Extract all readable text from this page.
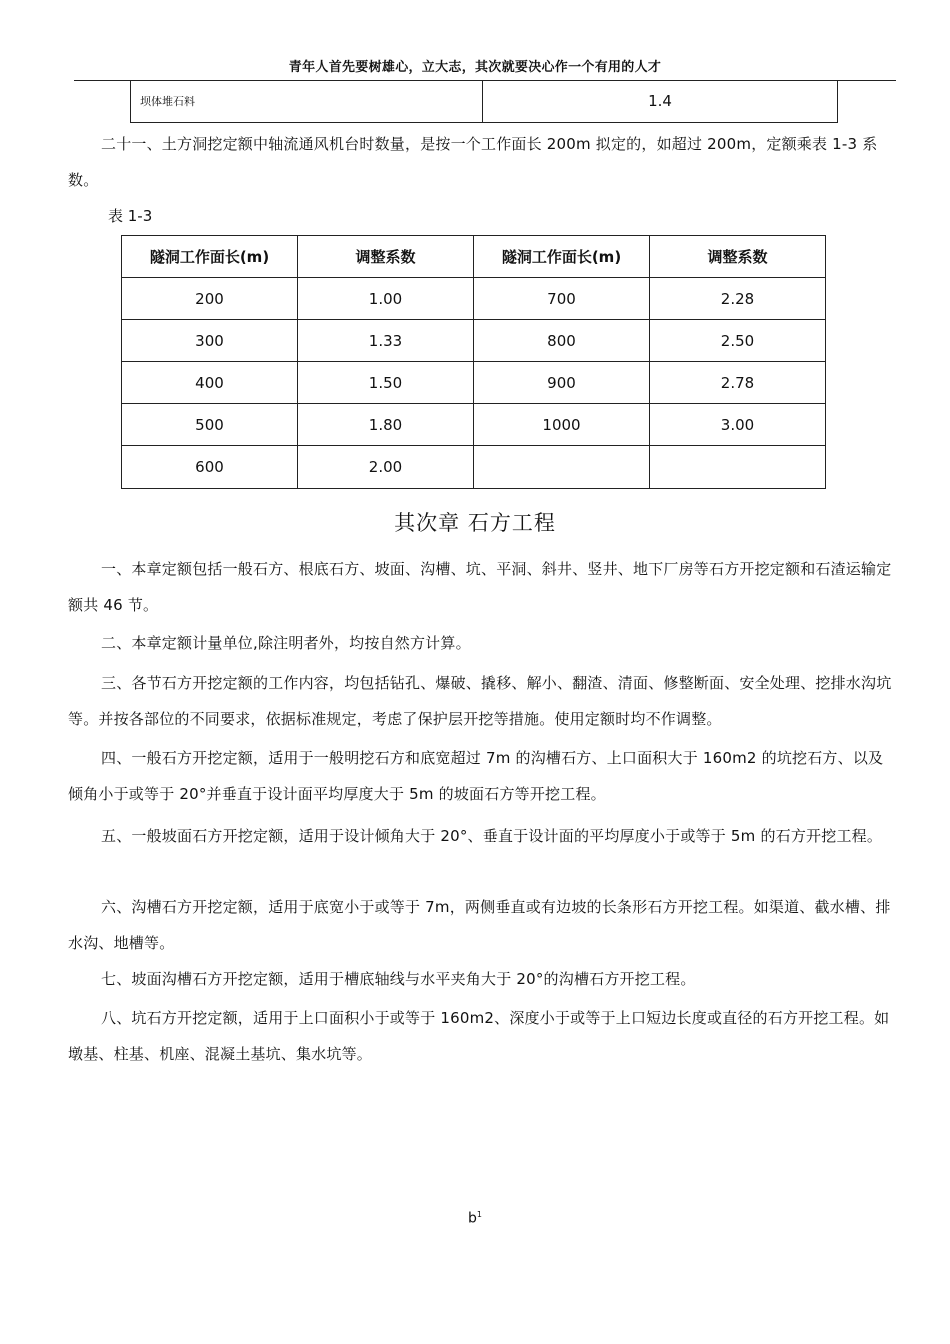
青年人首先要树雄心，立大志，其次就要决心作一个有用的人才
坝体堆石料	1.4

二十一、土方洞挖定额中轴流通风机台时数量，是按一个工作面长 200m 拟定的，如超过 200m，定额乘表 1-3 系数。

表 1-3
隧洞工作面长(m)	调整系数	隧洞工作面长(m)	调整系数
200	1.00	700	2.28
300	1.33	800	2.50
400	1.50	900	2.78
500	1.80	1000	3.00
600	2.00		
其次章 石方工程

一、本章定额包括一般石方、根底石方、坡面、沟槽、坑、平洞、斜井、竖井、地下厂房等石方开挖定额和石渣运输定额共 46 节。

二、本章定额计量单位,除注明者外，均按自然方计算。

三、各节石方开挖定额的工作内容，均包括钻孔、爆破、撬移、解小、翻渣、清面、修整断面、安全处理、挖排水沟坑等。并按各部位的不同要求，依据标准规定，考虑了保护层开挖等措施。使用定额时均不作调整。

四、一般石方开挖定额，适用于一般明挖石方和底宽超过 7m 的沟槽石方、上口面积大于 160m2 的坑挖石方、以及倾角小于或等于 20°并垂直于设计面平均厚度大于 5m 的坡面石方等开挖工程。

五、一般坡面石方开挖定额，适用于设计倾角大于 20°、垂直于设计面的平均厚度小于或等于 5m 的石方开挖工程。

六、沟槽石方开挖定额，适用于底宽小于或等于 7m，两侧垂直或有边坡的长条形石方开挖工程。如渠道、截水槽、排水沟、地槽等。

七、坡面沟槽石方开挖定额，适用于槽底轴线与水平夹角大于 20°的沟槽石方开挖工程。

八、坑石方开挖定额，适用于上口面积小于或等于 160m2、深度小于或等于上口短边长度或直径的石方开挖工程。如墩基、柱基、机座、混凝土基坑、集水坑等。

$b^1$
